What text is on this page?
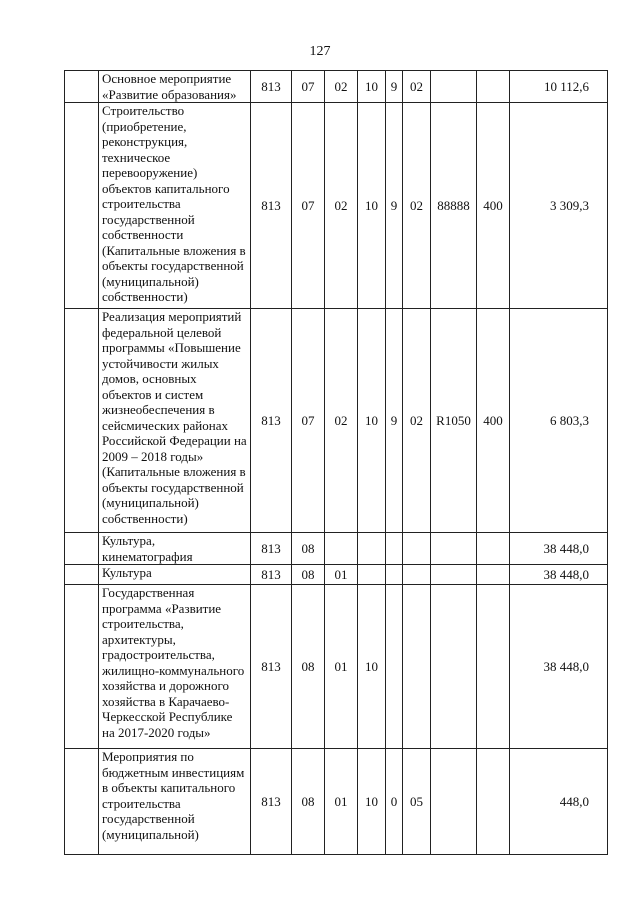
127
	Основное мероприятие «Развитие образования»	813	07	02	10	9	02			10 112,6
	Строительство (приобретение, реконструкция, техническое перевооружение) объектов капитального строительства государственной собственности (Капитальные вложения в объекты государственной (муниципальной) собственности)	813	07	02	10	9	02	88888	400	3 309,3
	Реализация мероприятий федеральной целевой программы «Повышение устойчивости жилых домов, основных объектов и систем жизнеобеспечения в сейсмических районах Российской Федерации на 2009 – 2018 годы» (Капитальные вложения в объекты государственной (муниципальной) собственности)	813	07	02	10	9	02	R1050	400	6 803,3
	Культура, кинематография	813	08							38 448,0
	Культура	813	08	01						38 448,0
	Государственная программа «Развитие строительства, архитектуры, градостроительства, жилищно-коммунального хозяйства и дорожного хозяйства в Карачаево-Черкесской Республике на 2017-2020 годы»	813	08	01	10					38 448,0
	Мероприятия по бюджетным инвестициям в объекты капитального строительства государственной (муниципальной)	813	08	01	10	0	05			448,0
